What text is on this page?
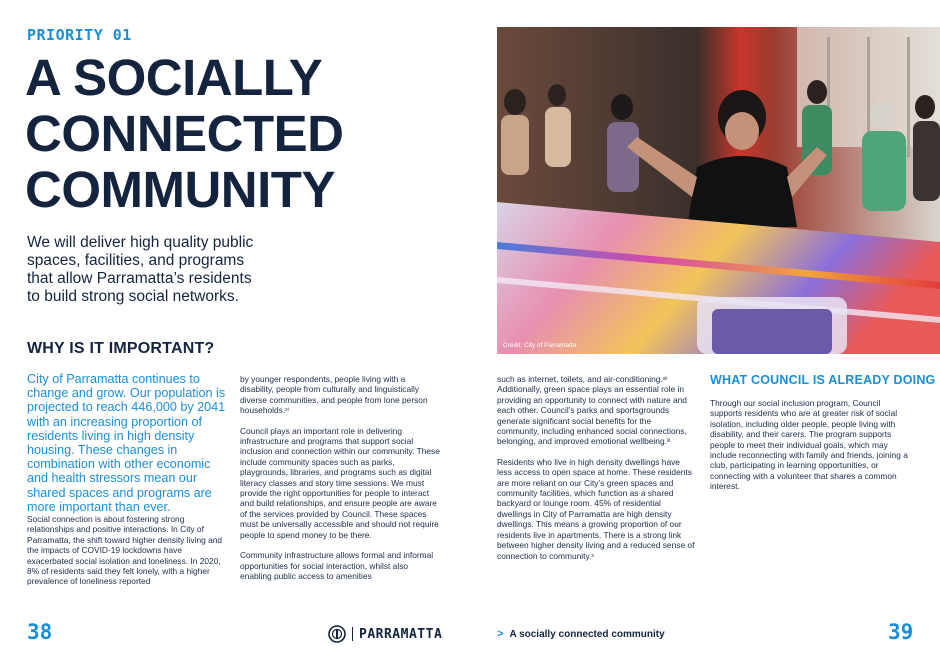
PRIORITY 01
A SOCIALLY
CONNECTED
COMMUNITY
We will deliver high quality public spaces, facilities, and programs that allow Parramatta’s residents to build strong social networks.
WHY IS IT IMPORTANT?
City of Parramatta continues to change and grow. Our population is projected to reach 446,000 by 2041 with an increasing proportion of residents living in high density housing. These changes in combination with other economic and health stressors mean our shared spaces and programs are more important than ever.

Social connection is about fostering strong relationships and positive interactions. In City of Parramatta, the shift toward higher density living and the impacts of COVID-19 lockdowns have exacerbated social isolation and loneliness. In 2020, 8% of residents said they felt lonely, with a higher prevalence of loneliness reported

by younger respondents, people living with a disability, people from culturally and linguistically diverse communities, and people from lone person households.$^{xi}$

Council plays an important role in delivering infrastructure and programs that support social inclusion and connection within our community. These include community spaces such as parks, playgrounds, libraries, and programs such as digital literacy classes and story time sessions. We must provide the right opportunities for people to interact and build relationships, and ensure people are aware of the services provided by Council. These spaces must be universally accessible and should not require people to spend money to be there.

Community infrastructure allows formal and informal opportunities for social interaction, whilst also enabling public access to amenities

38	PARRAMATTA
Credit: City of Parramatta

such as internet, toilets, and air-conditioning.$^{xii}$ Additionally, green space plays an essential role in providing an opportunity to connect with nature and each other. Council’s parks and sportsgrounds generate significant social benefits for the community, including enhanced social connections, belonging, and improved emotional wellbeing.$^{iii}$

Residents who live in high density dwellings have less access to open space at home. These residents are more reliant on our City’s green spaces and community facilities, which function as a shared backyard or lounge room. 45% of residential dwellings in City of Parramatta are high density dwellings. This means a growing proportion of our residents live in apartments. There is a strong link between higher density living and a reduced sense of connection to community.$^x$

WHAT COUNCIL IS ALREADY DOING

Through our social inclusion program, Council supports residents who are at greater risk of social isolation, including older people, people living with disability, and their carers. The program supports people to meet their individual goals, which may include reconnecting with family and friends, joining a club, participating in learning opportunities, or connecting with a volunteer that shares a common interest.

> A socially connected community	39
